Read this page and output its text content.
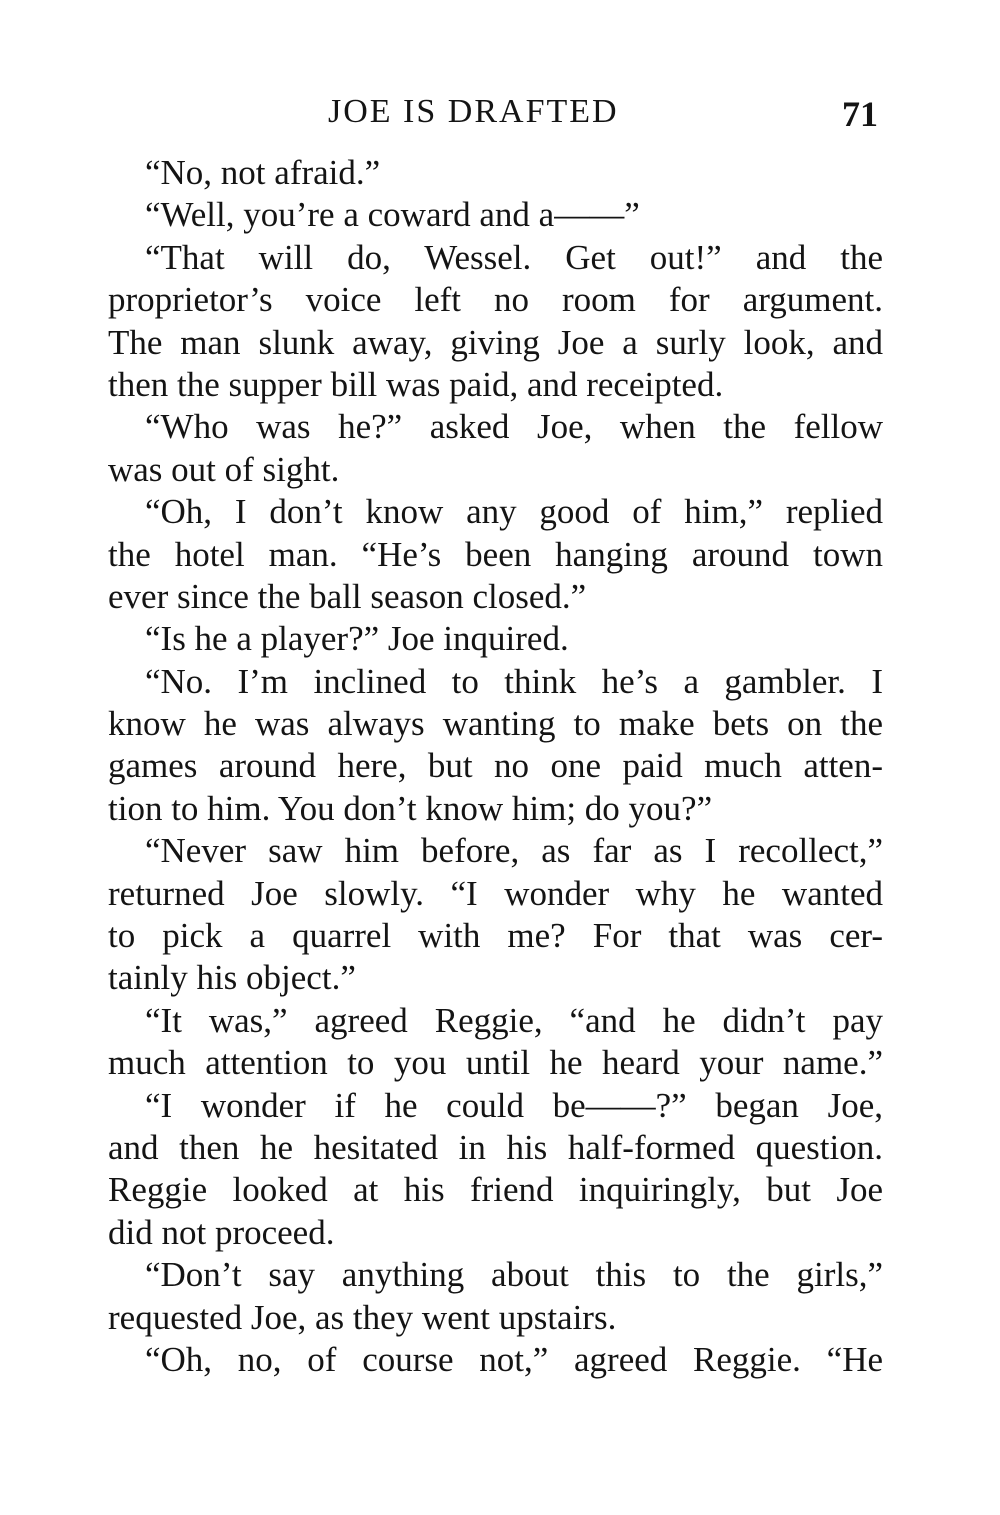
JOE IS DRAFTED	71
“No, not afraid.”
“Well, you’re a coward and a——”
“That will do, Wessel. Get out!” and the
proprietor’s voice left no room for argument.
The man slunk away, giving Joe a surly look, and
then the supper bill was paid, and receipted.
“Who was he?” asked Joe, when the fellow
was out of sight.
“Oh, I don’t know any good of him,” replied
the hotel man. “He’s been hanging around town
ever since the ball season closed.”
“Is he a player?” Joe inquired.
“No. I’m inclined to think he’s a gambler. I
know he was always wanting to make bets on the
games around here, but no one paid much atten-
tion to him. You don’t know him; do you?”
“Never saw him before, as far as I recollect,”
returned Joe slowly. “I wonder why he wanted
to pick a quarrel with me? For that was cer-
tainly his object.”
“It was,” agreed Reggie, “and he didn’t pay
much attention to you until he heard your name.”
“I wonder if he could be——?” began Joe,
and then he hesitated in his half-formed question.
Reggie looked at his friend inquiringly, but Joe
did not proceed.
“Don’t say anything about this to the girls,”
requested Joe, as they went upstairs.
“Oh, no, of course not,” agreed Reggie. “He
